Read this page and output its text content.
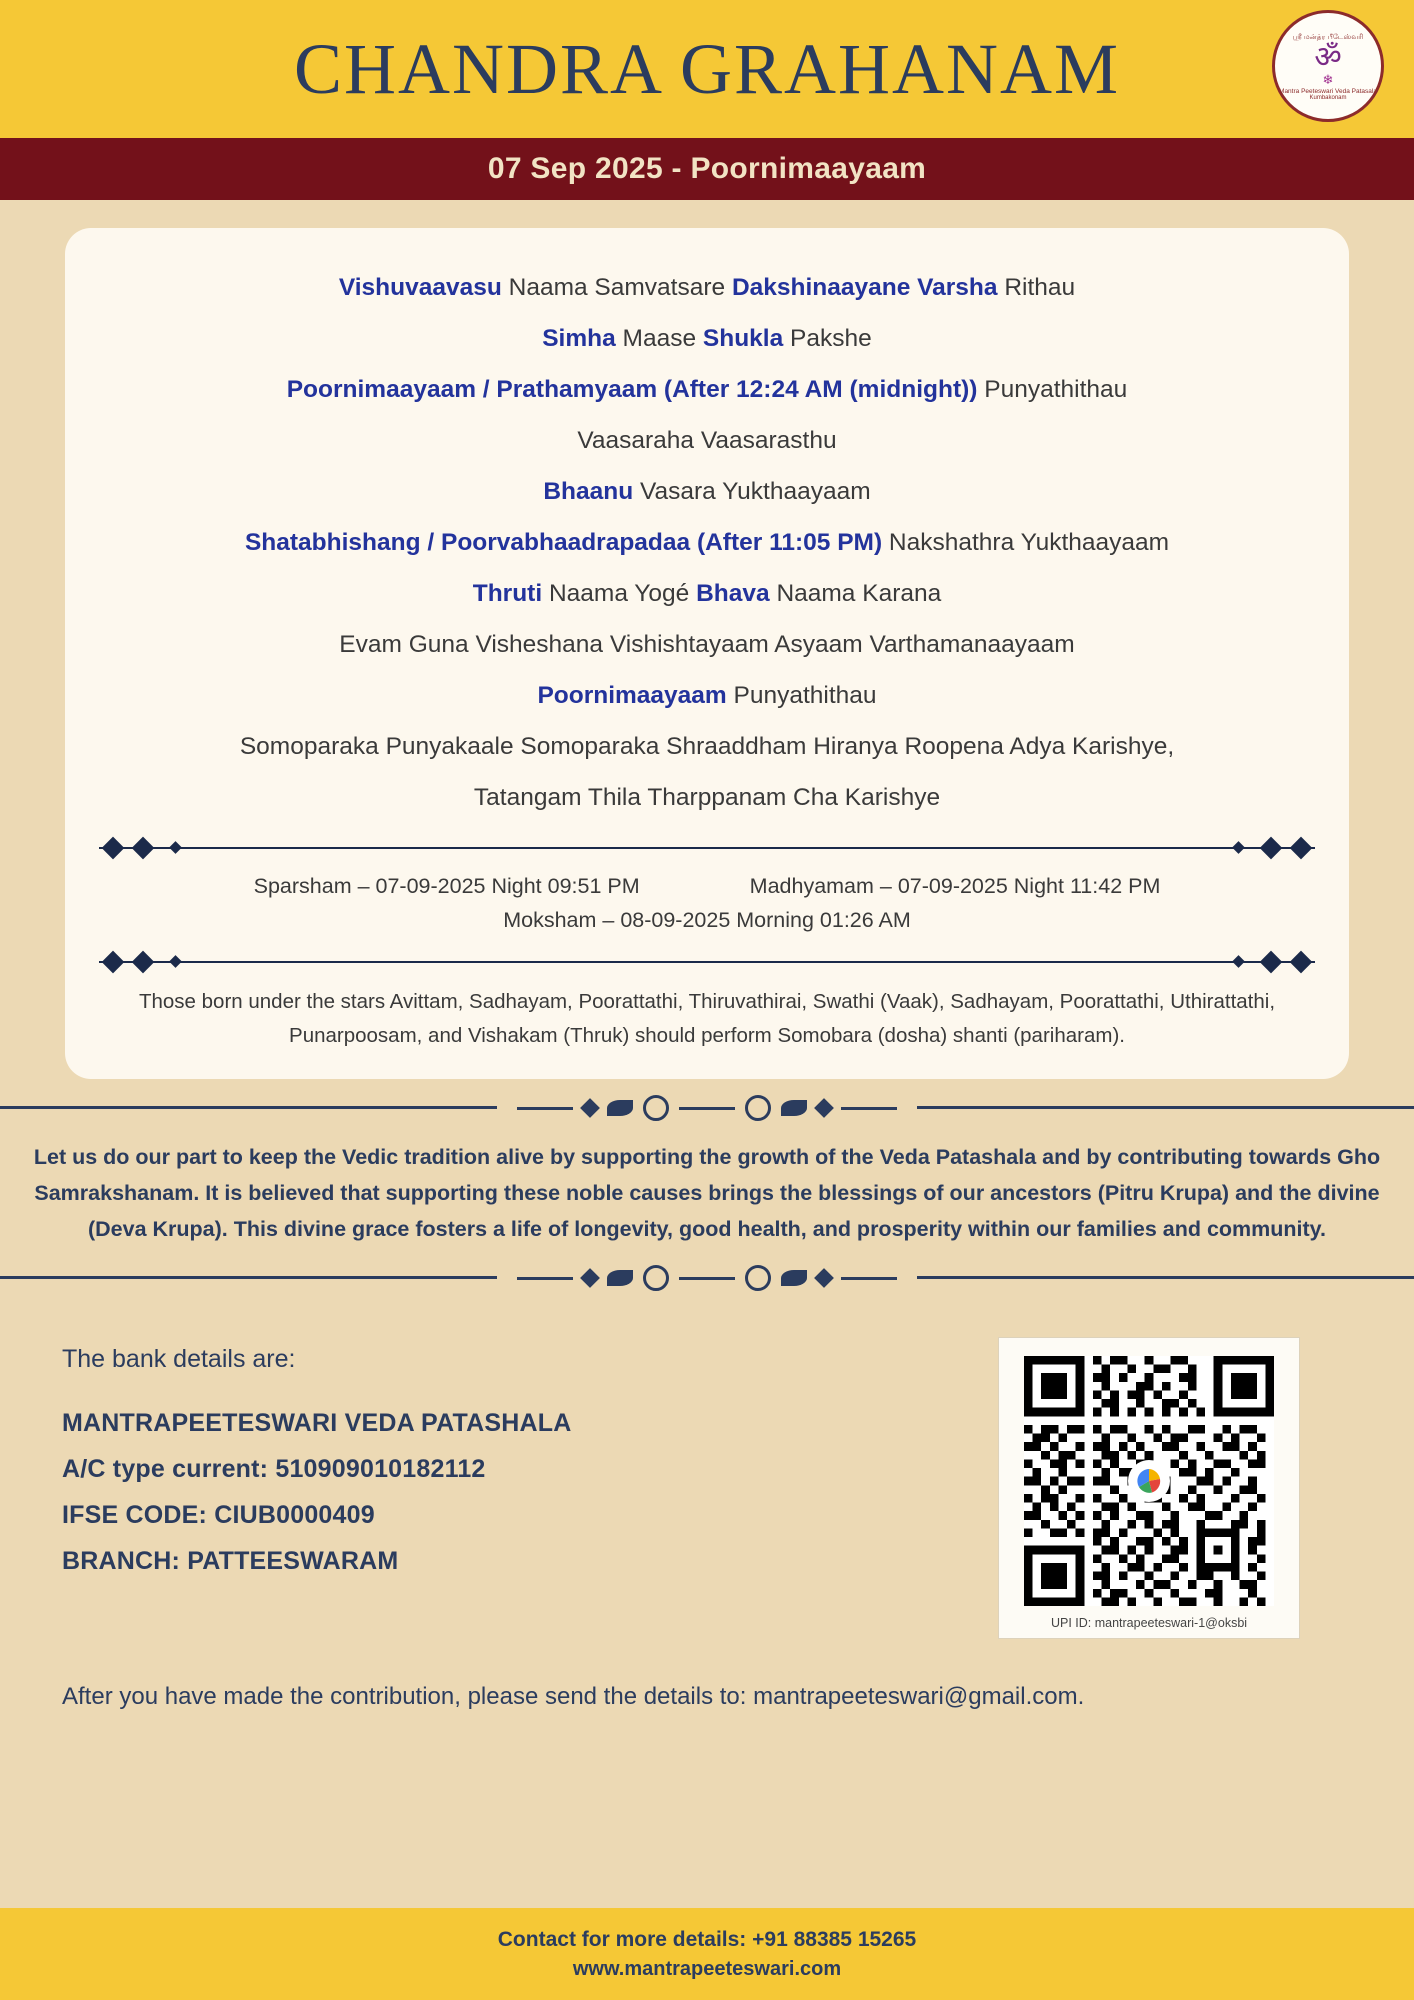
CHANDRA GRAHANAM	ஶ்ரீ மன்த்ர பீடேஸ்வரி
ॐ
❄
Mantra Peeteswari Veda Patasala
Kumbakonam
07 Sep 2025 - Poornimaayaam
Vishuvaavasu Naama Samvatsare Dakshinaayane Varsha Rithau
Simha Maase Shukla Pakshe
Poornimaayaam / Prathamyaam (After 12:24 AM (midnight)) Punyathithau
Vaasaraha Vaasarasthu
Bhaanu Vasara Yukthaayaam
Shatabhishang / Poorvabhaadrapadaa (After 11:05 PM) Nakshathra Yukthaayaam
Thruti Naama Yogé Bhava Naama Karana
Evam Guna Visheshana Vishishtayaam Asyaam Varthamanaayaam
Poornimaayaam Punyathithau
Somoparaka Punyakaale Somoparaka Shraaddham Hiranya Roopena Adya Karishye,
Tatangam Thila Tharppanam Cha Karishye
Sparsham – 07-09-2025 Night 09:51 PM	Madhyamam – 07-09-2025 Night 11:42 PM
Moksham – 08-09-2025 Morning 01:26 AM
Those born under the stars Avittam, Sadhayam, Poorattathi, Thiruvathirai, Swathi (Vaak), Sadhayam, Poorattathi, Uthirattathi, Punarpoosam, and Vishakam (Thruk) should perform Somobara (dosha) shanti (pariharam).
Let us do our part to keep the Vedic tradition alive by supporting the growth of the Veda Patashala and by contributing towards Gho Samrakshanam. It is believed that supporting these noble causes brings the blessings of our ancestors (Pitru Krupa) and the divine (Deva Krupa). This divine grace fosters a life of longevity, good health, and prosperity within our families and community.
The bank details are:
MANTRAPEETESWARI VEDA PATASHALA
A/C type current: 510909010182112
IFSE CODE: CIUB0000409
BRANCH: PATTEESWARAM
UPI ID: mantrapeeteswari-1@oksbi
After you have made the contribution, please send the details to: mantrapeeteswari@gmail.com.
Contact for more details: +91 88385 15265
www.mantrapeeteswari.com
